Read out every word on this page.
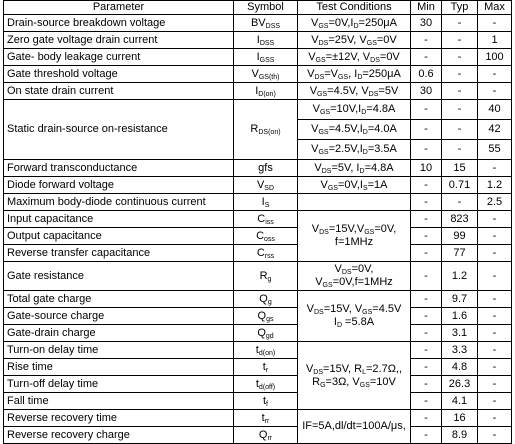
Parameter	Symbol	Test Conditions	Min	Typ	Max
Drain-source breakdown voltage	$BV_{DSS}$	$V_{GS}=0V,I_D=250\mu A$	30	-	-
Zero gate voltage drain current	$I_{DSS}$	$V_{DS}=25V$, $V_{GS}=0V$	-	-	1
Gate- body leakage current	$I_{GSS}$	$V_{GS}=\pm 12V$, $V_{DS}=0V$	-	-	100
Gate threshold voltage	$V_{GS(th)}$	$V_{DS}=V_{GS}$, $I_D=250\mu A$	0.6	-	-
On state drain current	$I_{D(on)}$	$V_{GS}=4.5V$, $V_{DS}=5V$	30	-	-
Static drain-source on-resistance	$R_{DS(on)}$	$V_{GS}=10V,I_D=4.8A$	-	-	40
		$V_{GS}=4.5V,I_D=4.0A$	-	-	42
		$V_{GS}=2.5V,I_D=3.5A$	-	-	55
Forward transconductance	gfs	$V_{DS}=5V$, $I_D=4.8A$	10	15	-
Diode forward voltage	$V_{SD}$	$V_{GS}=0V,I_S=1A$	-	0.71	1.2
Maximum body-diode continuous current	$I_S$		-	-	2.5
Input capacitance	$C_{iss}$	$V_{DS}=15V,V_{GS}=0V$,
f=1MHz	-	823	-
Output capacitance	$C_{oss}$		-	99	-
Reverse transfer capacitance	$C_{rss}$		-	77	-
Gate resistance	$R_g$	$V_{DS}=0V$,
$V_{GS}=0V,f=1MHz$	-	1.2	-
Total gate charge	$Q_g$	$V_{DS}=15V$, $V_{GS}=4.5V$
$I_D =5.8A$	-	9.7	-
Gate-source charge	$Q_{gs}$		-	1.6	-
Gate-drain charge	$Q_{gd}$		-	3.1	-
Turn-on delay time	$t_{d(on)}$	$V_{DS}=15V$, $R_L=2.7\Omega$,,
$R_G=3\Omega$, $V_{GS}=10V$	-	3.3	-
Rise time	$t_r$		-	4.8	-
Turn-off delay time	$t_{d(off)}$		-	26.3	-
Fall time	$t_f$		-	4.1	-
Reverse recovery time	$t_{rr}$	IF=5A,dl/dt=100A/μs,	-	16	-
Reverse recovery charge	$Q_{rr}$		-	8.9	-
